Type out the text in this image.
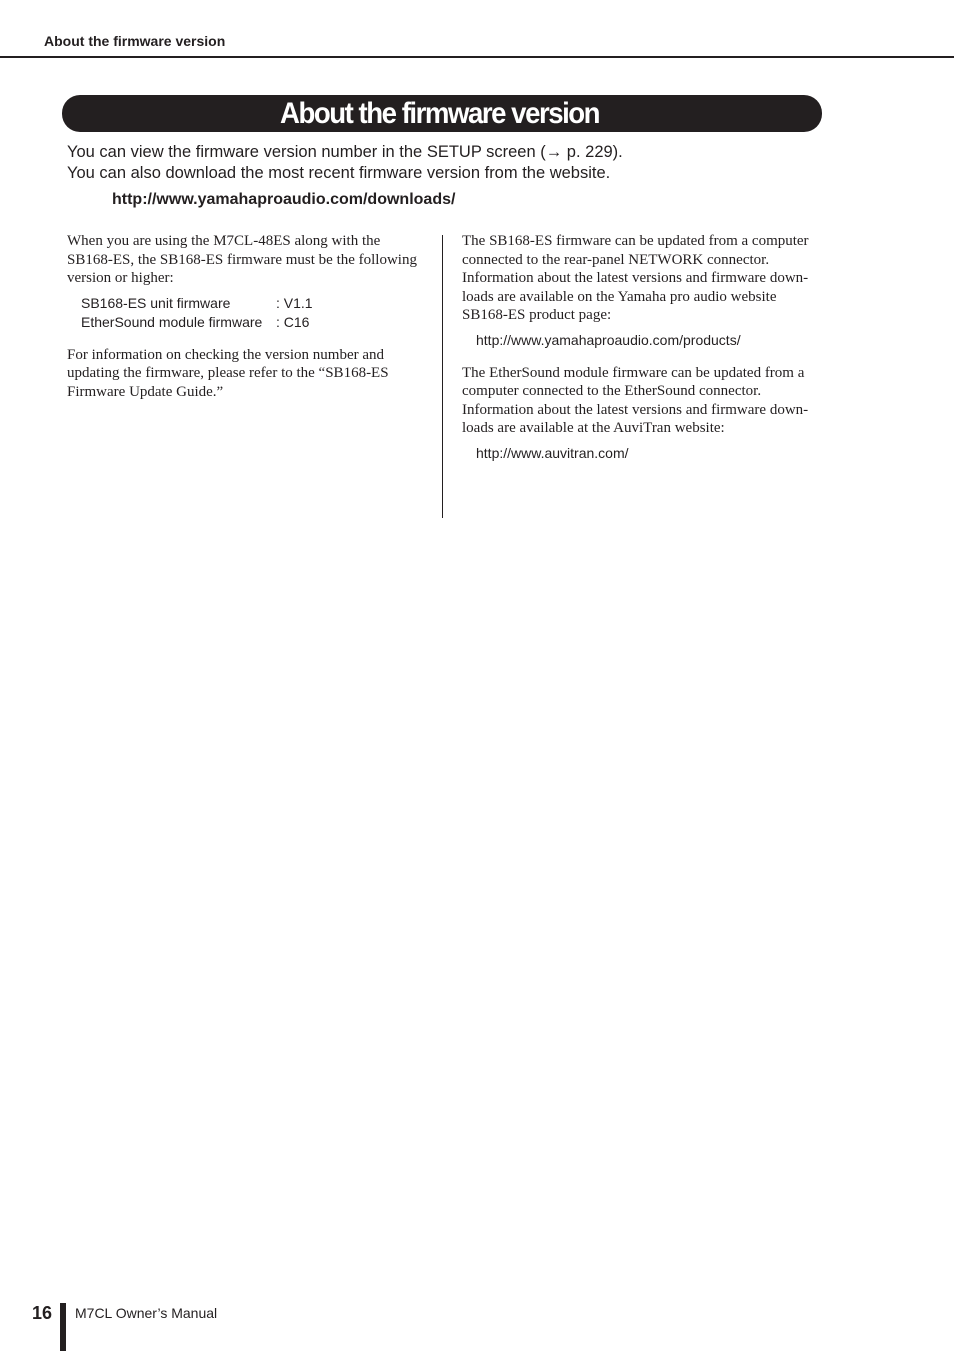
About the firmware version
About the firmware version

You can view the firmware version number in the SETUP screen (→ p. 229).

You can also download the most recent firmware version from the website.

http://www.yamahaproaudio.com/downloads/

When you are using the M7CL-48ES along with the

SB168-ES, the SB168-ES firmware must be the following

version or higher:

SB168-ES unit firmware	: V1.1
EtherSound module firmware : C16

For information on checking the version number and

updating the firmware, please refer to the “SB168-ES

Firmware Update Guide.”

The SB168-ES firmware can be updated from a computer

connected to the rear-panel NETWORK connector.

Information about the latest versions and firmware down-

loads are available on the Yamaha pro audio website

SB168-ES product page:

http://www.yamahaproaudio.com/products/

The EtherSound module firmware can be updated from a

computer connected to the EtherSound connector.

Information about the latest versions and firmware down-

loads are available at the AuviTran website:

http://www.auvitran.com/
16 M7CL Owner’s Manual
